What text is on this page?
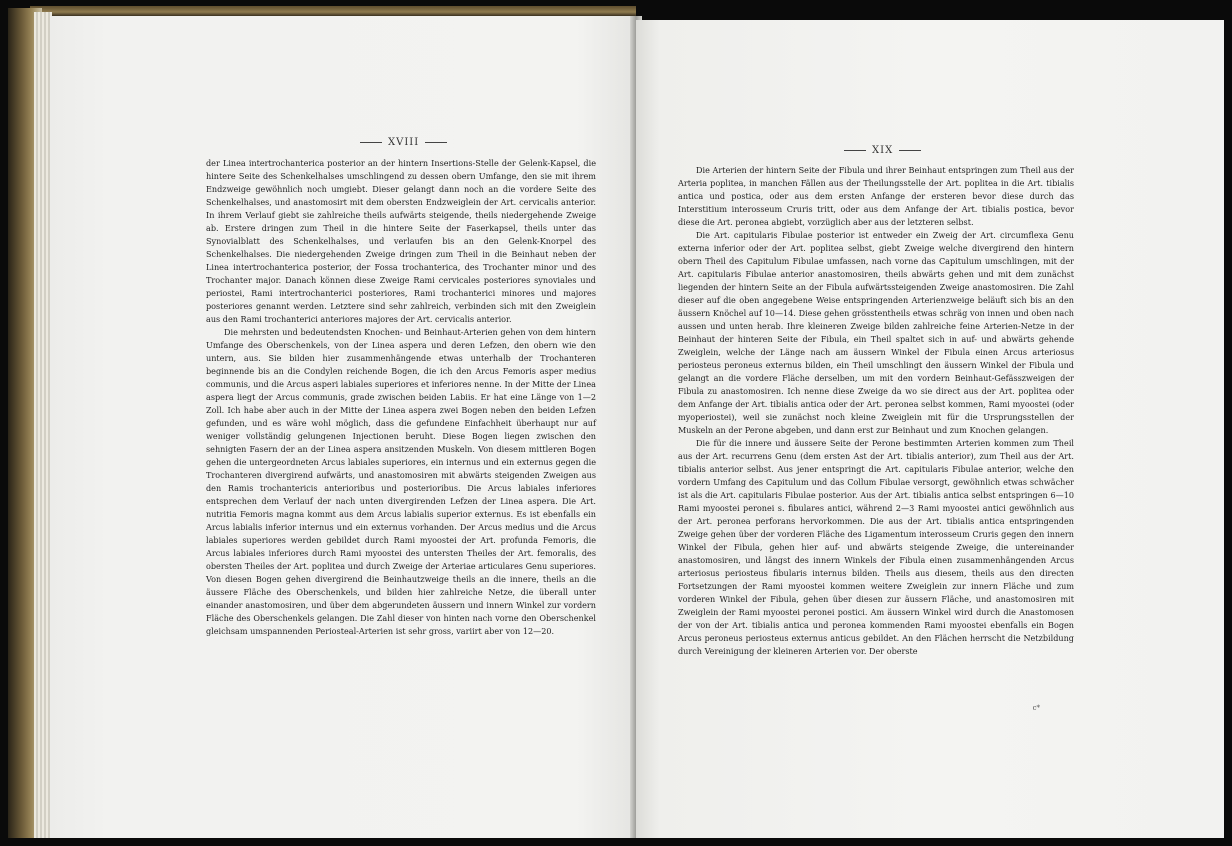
XVIII

der Linea intertrochanterica posterior an der hintern Insertions-Stelle der Gelenk-Kapsel, die hintere Seite des Schenkelhalses umschlingend zu dessen obern Umfange, den sie mit ihrem Endzweige gewöhnlich noch umgiebt. Dieser gelangt dann noch an die vordere Seite des Schenkelhalses, und anastomosirt mit dem obersten Endzweiglein der Art. cervicalis anterior. In ihrem Verlauf giebt sie zahlreiche theils aufwärts steigende, theils niedergehende Zweige ab. Erstere dringen zum Theil in die hintere Seite der Faserkapsel, theils unter das Synovialblatt des Schenkelhalses, und verlaufen bis an den Gelenk-Knorpel des Schenkelhalses. Die niedergehenden Zweige dringen zum Theil in die Beinhaut neben der Linea intertrochanterica posterior, der Fossa trochanterica, des Trochanter minor und des Trochanter major. Danach können diese Zweige Rami cervicales posteriores synoviales und periostei, Rami intertrochanterici posteriores, Rami trochanterici minores und majores posteriores genannt werden. Letztere sind sehr zahlreich, verbinden sich mit den Zweiglein aus den Rami trochanterici anteriores majores der Art. cervicalis anterior.

Die mehrsten und bedeutendsten Knochen- und Beinhaut-Arterien gehen von dem hintern Umfange des Oberschenkels, von der Linea aspera und deren Lefzen, den obern wie den untern, aus. Sie bilden hier zusammenhängende etwas unterhalb der Trochanteren beginnende bis an die Condylen reichende Bogen, die ich den Arcus Femoris asper medius communis, und die Arcus asperi labiales superiores et inferiores nenne. In der Mitte der Linea aspera liegt der Arcus communis, grade zwischen beiden Labiis. Er hat eine Länge von 1—2 Zoll. Ich habe aber auch in der Mitte der Linea aspera zwei Bogen neben den beiden Lefzen gefunden, und es wäre wohl möglich, dass die gefundene Einfachheit überhaupt nur auf weniger vollständig gelungenen Injectionen beruht. Diese Bogen liegen zwischen den sehnigten Fasern der an der Linea aspera ansitzenden Muskeln. Von diesem mittleren Bogen gehen die untergeordneten Arcus labiales superiores, ein internus und ein externus gegen die Trochanteren divergirend aufwärts, und anastomosiren mit abwärts steigenden Zweigen aus den Ramis trochantericis anterioribus und posterioribus. Die Arcus labiales inferiores entsprechen dem Verlauf der nach unten divergirenden Lefzen der Linea aspera. Die Art. nutritia Femoris magna kommt aus dem Arcus labialis superior externus. Es ist ebenfalls ein Arcus labialis inferior internus und ein externus vorhanden. Der Arcus medius und die Arcus labiales superiores werden gebildet durch Rami myoostei der Art. profunda Femoris, die Arcus labiales inferiores durch Rami myoostei des untersten Theiles der Art. femoralis, des obersten Theiles der Art. poplitea und durch Zweige der Arteriae articulares Genu superiores. Von diesen Bogen gehen divergirend die Beinhautzweige theils an die innere, theils an die äussere Fläche des Oberschenkels, und bilden hier zahlreiche Netze, die überall unter einander anastomosiren, und über dem abgerundeten äussern und innern Winkel zur vordern Fläche des Oberschenkels gelangen. Die Zahl dieser von hinten nach vorne den Oberschenkel gleichsam umspannenden Periosteal-Arterien ist sehr gross, variirt aber von 12—20.

XIX

Die Arterien der hintern Seite der Fibula und ihrer Beinhaut entspringen zum Theil aus der Arteria poplitea, in manchen Fällen aus der Theilungsstelle der Art. poplitea in die Art. tibialis antica und postica, oder aus dem ersten Anfange der ersteren bevor diese durch das Interstitium interosseum Cruris tritt, oder aus dem Anfange der Art. tibialis postica, bevor diese die Art. peronea abgiebt, vorzüglich aber aus der letzteren selbst.

Die Art. capitularis Fibulae posterior ist entweder ein Zweig der Art. circumflexa Genu externa inferior oder der Art. poplitea selbst, giebt Zweige welche divergirend den hintern obern Theil des Capitulum Fibulae umfassen, nach vorne das Capitulum umschlingen, mit der Art. capitularis Fibulae anterior anastomosiren, theils abwärts gehen und mit dem zunächst liegenden der hintern Seite an der Fibula aufwärtssteigenden Zweige anastomosiren. Die Zahl dieser auf die oben angegebene Weise entspringenden Arterienzweige beläuft sich bis an den äussern Knöchel auf 10—14. Diese gehen grösstentheils etwas schräg von innen und oben nach aussen und unten herab. Ihre kleineren Zweige bilden zahlreiche feine Arterien-Netze in der Beinhaut der hinteren Seite der Fibula, ein Theil spaltet sich in auf- und abwärts gehende Zweiglein, welche der Länge nach am äussern Winkel der Fibula einen Arcus arteriosus periosteus peroneus externus bilden, ein Theil umschlingt den äussern Winkel der Fibula und gelangt an die vordere Fläche derselben, um mit den vordern Beinhaut-Gefässzweigen der Fibula zu anastomosiren. Ich nenne diese Zweige da wo sie direct aus der Art. poplitea oder dem Anfange der Art. tibialis antica oder der Art. peronea selbst kommen, Rami myoostei (oder myoperiostei), weil sie zunächst noch kleine Zweiglein mit für die Ursprungsstellen der Muskeln an der Perone abgeben, und dann erst zur Beinhaut und zum Knochen gelangen.

Die für die innere und äussere Seite der Perone bestimmten Arterien kommen zum Theil aus der Art. recurrens Genu (dem ersten Ast der Art. tibialis anterior), zum Theil aus der Art. tibialis anterior selbst. Aus jener entspringt die Art. capitularis Fibulae anterior, welche den vordern Umfang des Capitulum und das Collum Fibulae versorgt, gewöhnlich etwas schwächer ist als die Art. capitularis Fibulae posterior. Aus der Art. tibialis antica selbst entspringen 6—10 Rami myoostei peronei s. fibulares antici, während 2—3 Rami myoostei antici gewöhnlich aus der Art. peronea perforans hervorkommen. Die aus der Art. tibialis antica entspringenden Zweige gehen über der vorderen Fläche des Ligamentum interosseum Cruris gegen den innern Winkel der Fibula, gehen hier auf- und abwärts steigende Zweige, die untereinander anastomosiren, und längst des innern Winkels der Fibula einen zusammenhängenden Arcus arteriosus periosteus fibularis internus bilden. Theils aus diesem, theils aus den directen Fortsetzungen der Rami myoostei kommen weitere Zweiglein zur innern Fläche und zum vorderen Winkel der Fibula, gehen über diesen zur äussern Fläche, und anastomosiren mit Zweiglein der Rami myoostei peronei postici. Am äussern Winkel wird durch die Anastomosen der von der Art. tibialis antica und peronea kommenden Rami myoostei ebenfalls ein Bogen Arcus peroneus periosteus externus anticus gebildet. An den Flächen herrscht die Netzbildung durch Vereinigung der kleineren Arterien vor. Der oberste

c*
